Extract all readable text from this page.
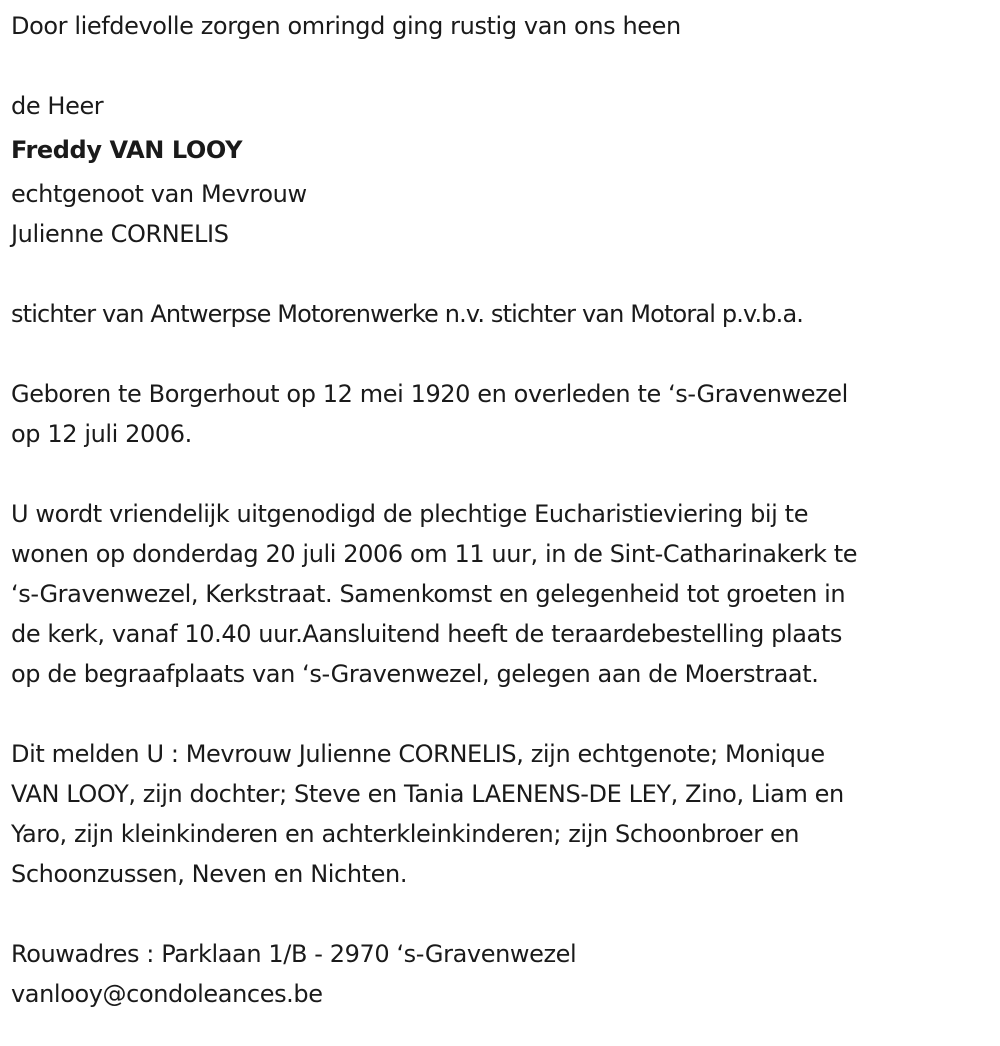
Door liefdevolle zorgen omringd ging rustig van ons heen
de Heer
Freddy VAN LOOY
echtgenoot van Mevrouw
Julienne CORNELIS
stichter van Antwerpse Motorenwerke n.v. stichter van Motoral p.v.b.a.
Geboren te Borgerhout op 12 mei 1920 en overleden te ‘s-Gravenwezel
op 12 juli 2006.
U wordt vriendelijk uitgenodigd de plechtige Eucharistieviering bij te
wonen op donderdag 20 juli 2006 om 11 uur, in de Sint-Catharinakerk te
‘s-Gravenwezel, Kerkstraat. Samenkomst en gelegenheid tot groeten in
de kerk, vanaf 10.40 uur.Aansluitend heeft de teraardebestelling plaats
op de begraafplaats van ‘s-Gravenwezel, gelegen aan de Moerstraat.
Dit melden U : Mevrouw Julienne CORNELIS, zijn echtgenote; Monique
VAN LOOY, zijn dochter; Steve en Tania LAENENS-DE LEY, Zino, Liam en
Yaro, zijn kleinkinderen en achterkleinkinderen; zijn Schoonbroer en
Schoonzussen, Neven en Nichten.
Rouwadres : Parklaan 1/B - 2970 ‘s-Gravenwezel
vanlooy@condoleances.be
